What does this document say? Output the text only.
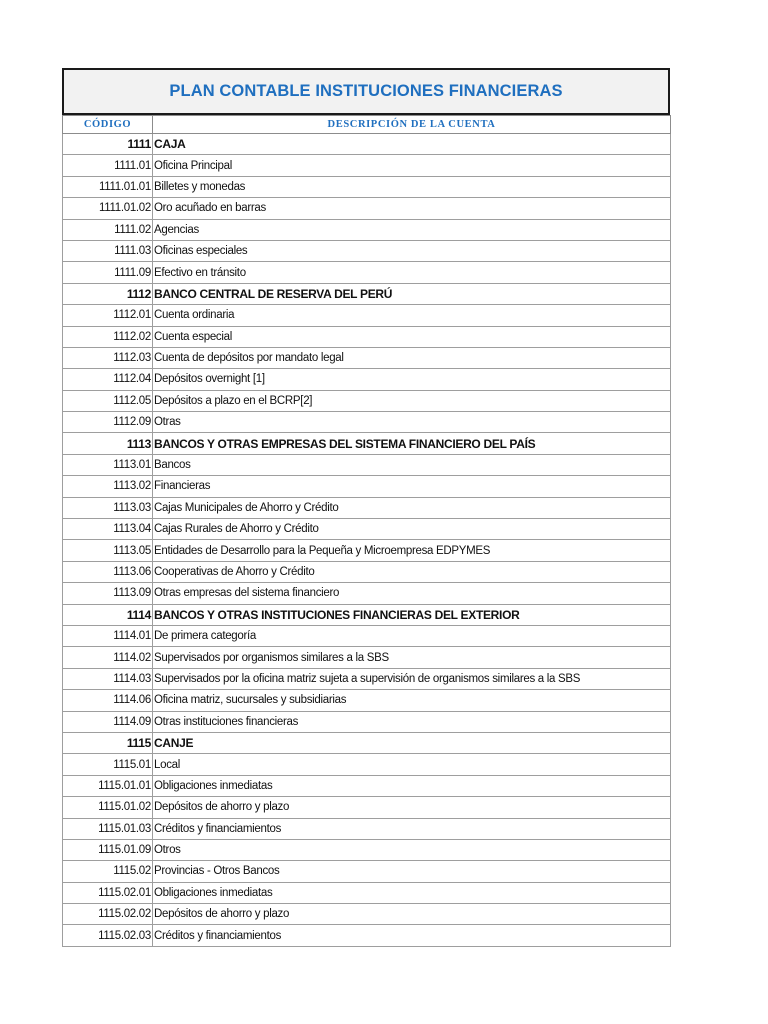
PLAN CONTABLE INSTITUCIONES FINANCIERAS
CÓDIGO	DESCRIPCIÓN DE LA CUENTA
1111	CAJA
1111.01	Oficina Principal
1111.01.01	Billetes y monedas
1111.01.02	Oro acuñado en barras
1111.02	Agencias
1111.03	Oficinas especiales
1111.09	Efectivo en tránsito
1112	BANCO CENTRAL DE RESERVA DEL PERÚ
1112.01	Cuenta ordinaria
1112.02	Cuenta especial
1112.03	Cuenta de depósitos por mandato legal
1112.04	Depósitos overnight [1]
1112.05	Depósitos a plazo en el BCRP[2]
1112.09	Otras
1113	BANCOS Y OTRAS EMPRESAS DEL SISTEMA FINANCIERO DEL PAÍS
1113.01	Bancos
1113.02	Financieras
1113.03	Cajas Municipales de Ahorro y Crédito
1113.04	Cajas Rurales de Ahorro y Crédito
1113.05	Entidades de Desarrollo para la Pequeña y Microempresa EDPYMES
1113.06	Cooperativas de Ahorro y Crédito
1113.09	Otras empresas del sistema financiero
1114	BANCOS Y OTRAS INSTITUCIONES FINANCIERAS DEL EXTERIOR
1114.01	De primera categoría
1114.02	Supervisados por organismos similares a la SBS
1114.03	Supervisados por la oficina matriz sujeta a supervisión de organismos similares a la SBS
1114.06	Oficina matriz, sucursales y subsidiarias
1114.09	Otras instituciones financieras
1115	CANJE
1115.01	Local
1115.01.01	Obligaciones inmediatas
1115.01.02	Depósitos de ahorro y plazo
1115.01.03	Créditos y financiamientos
1115.01.09	Otros
1115.02	Provincias - Otros Bancos
1115.02.01	Obligaciones inmediatas
1115.02.02	Depósitos de ahorro y plazo
1115.02.03	Créditos y financiamientos
